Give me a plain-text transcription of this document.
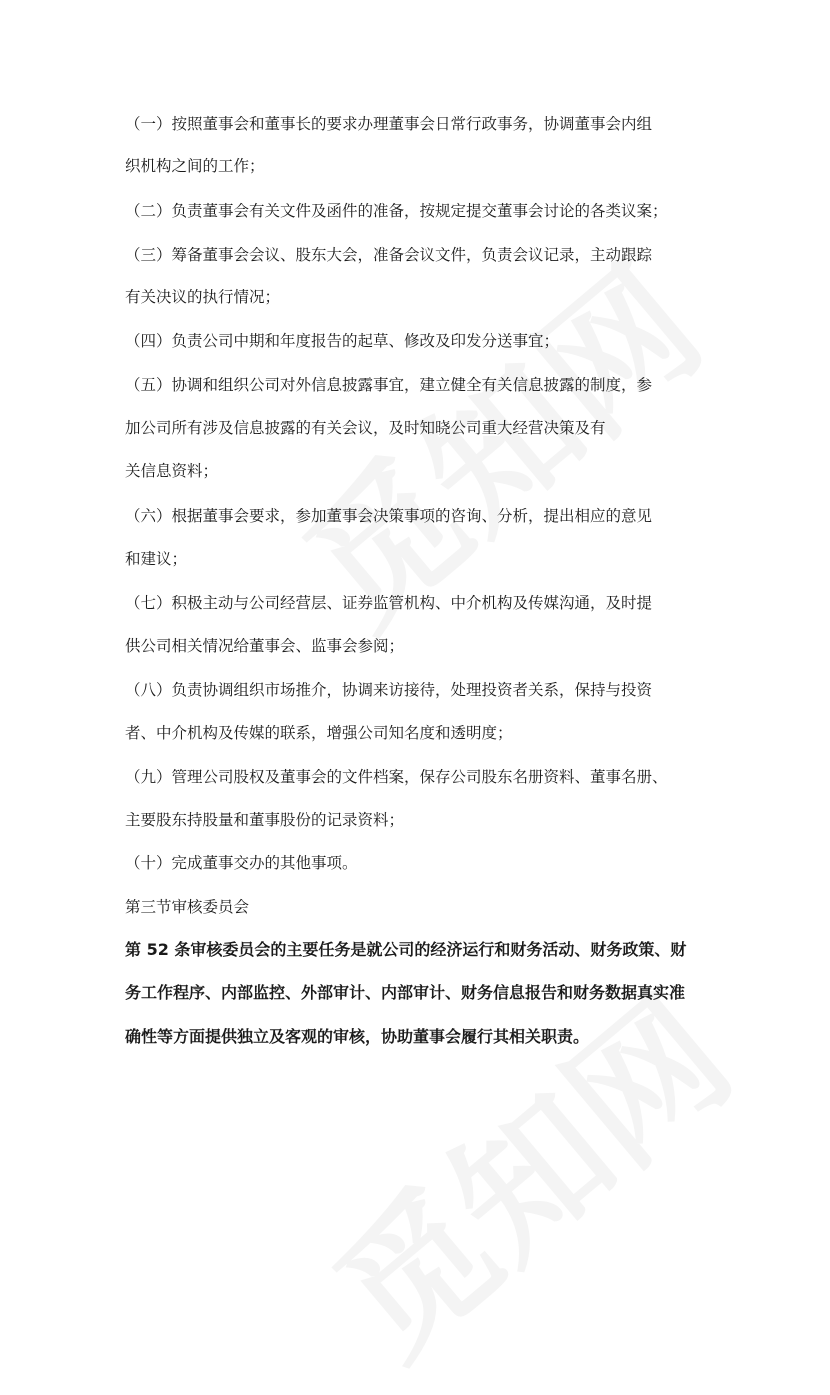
（一）按照董事会和董事长的要求办理董事会日常行政事务，协调董事会内组
织机构之间的工作；
（二）负责董事会有关文件及函件的准备，按规定提交董事会讨论的各类议案；
（三）筹备董事会会议、股东大会，准备会议文件，负责会议记录，主动跟踪
有关决议的执行情况；
（四）负责公司中期和年度报告的起草、修改及印发分送事宜；
（五）协调和组织公司对外信息披露事宜，建立健全有关信息披露的制度，参
加公司所有涉及信息披露的有关会议，及时知晓公司重大经营决策及有
关信息资料；
（六）根据董事会要求，参加董事会决策事项的咨询、分析，提出相应的意见
和建议；
（七）积极主动与公司经营层、证券监管机构、中介机构及传媒沟通，及时提
供公司相关情况给董事会、监事会参阅；
（八）负责协调组织市场推介，协调来访接待，处理投资者关系，保持与投资
者、中介机构及传媒的联系，增强公司知名度和透明度；
（九）管理公司股权及董事会的文件档案，保存公司股东名册资料、董事名册、
主要股东持股量和董事股份的记录资料；
（十）完成董事交办的其他事项。
第三节审核委员会
第 52 条审核委员会的主要任务是就公司的经济运行和财务活动、财务政策、财
务工作程序、内部监控、外部审计、内部审计、财务信息报告和财务数据真实准
确性等方面提供独立及客观的审核，协助董事会履行其相关职责。
